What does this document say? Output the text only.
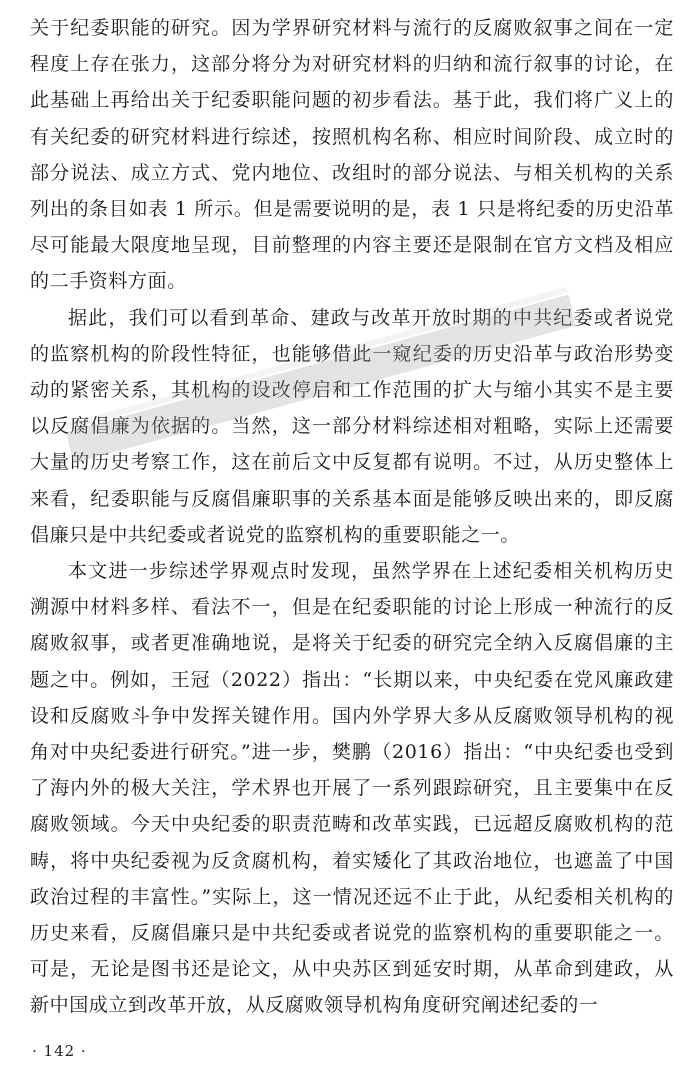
关于纪委职能的研究。因为学界研究材料与流行的反腐败叙事之间在一定程度上存在张力，这部分将分为对研究材料的归纳和流行叙事的讨论，在此基础上再给出关于纪委职能问题的初步看法。基于此，我们将广义上的有关纪委的研究材料进行综述，按照机构名称、相应时间阶段、成立时的部分说法、成立方式、党内地位、改组时的部分说法、与相关机构的关系列出的条目如表 1 所示。但是需要说明的是，表 1 只是将纪委的历史沿革尽可能最大限度地呈现，目前整理的内容主要还是限制在官方文档及相应的二手资料方面。

据此，我们可以看到革命、建政与改革开放时期的中共纪委或者说党的监察机构的阶段性特征，也能够借此一窥纪委的历史沿革与政治形势变动的紧密关系，其机构的设改停启和工作范围的扩大与缩小其实不是主要以反腐倡廉为依据的。当然，这一部分材料综述相对粗略，实际上还需要大量的历史考察工作，这在前后文中反复都有说明。不过，从历史整体上来看，纪委职能与反腐倡廉职事的关系基本面是能够反映出来的，即反腐倡廉只是中共纪委或者说党的监察机构的重要职能之一。

本文进一步综述学界观点时发现，虽然学界在上述纪委相关机构历史溯源中材料多样、看法不一，但是在纪委职能的讨论上形成一种流行的反腐败叙事，或者更准确地说，是将关于纪委的研究完全纳入反腐倡廉的主题之中。例如，王冠（2022）指出：“长期以来，中央纪委在党风廉政建设和反腐败斗争中发挥关键作用。国内外学界大多从反腐败领导机构的视角对中央纪委进行研究。”进一步，樊鹏（2016）指出：“中央纪委也受到了海内外的极大关注，学术界也开展了一系列跟踪研究，且主要集中在反腐败领域。今天中央纪委的职责范畴和改革实践，已远超反腐败机构的范畴，将中央纪委视为反贪腐机构，着实矮化了其政治地位，也遮盖了中国政治过程的丰富性。”实际上，这一情况还远不止于此，从纪委相关机构的历史来看，反腐倡廉只是中共纪委或者说党的监察机构的重要职能之一。可是，无论是图书还是论文，从中央苏区到延安时期，从革命到建政，从新中国成立到改革开放，从反腐败领导机构角度研究阐述纪委的一

· 142 ·
